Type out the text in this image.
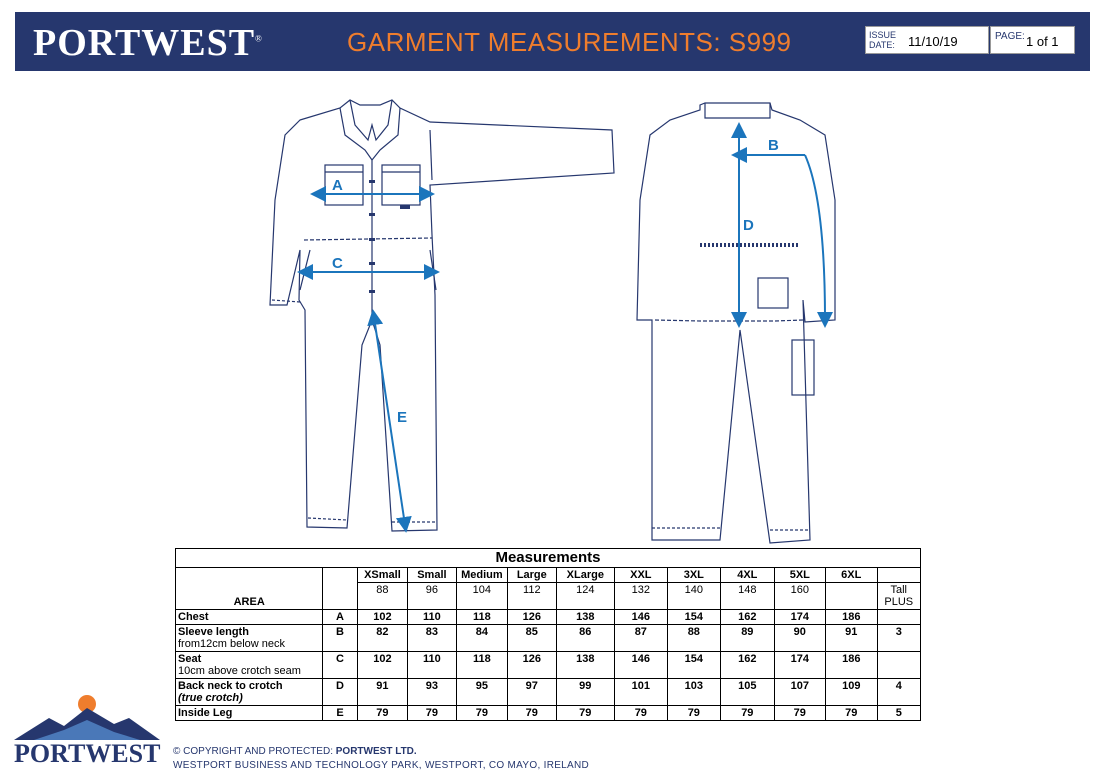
PORTWEST®	GARMENT MEASUREMENTS: S999	ISSUE
DATE: 11/10/19	PAGE: 1 of 1
A
B
C
D
E
Measurements												
AREA		XSmall	Small	Medium	Large	XLarge	XXL	3XL	4XL	5XL	6XL	
		88	96	104	112	124	132	140	148	160		Tall
PLUS

Chest	A	102	110	118	126	138	146	154	162	174	186	
Sleeve length
from12cm below neck	B	82	83	84	85	86	87	88	89	90	91	3
Seat
10cm above crotch seam	C	102	110	118	126	138	146	154	162	174	186	
Back neck to crotch
(true crotch)	D	91	93	95	97	99	101	103	105	107	109	4
Inside Leg	E	79	79	79	79	79	79	79	79	79	79	5
PORTWEST © COPYRIGHT AND PROTECTED: PORTWEST LTD.
WESTPORT BUSINESS AND TECHNOLOGY PARK, WESTPORT, CO MAYO, IRELAND
